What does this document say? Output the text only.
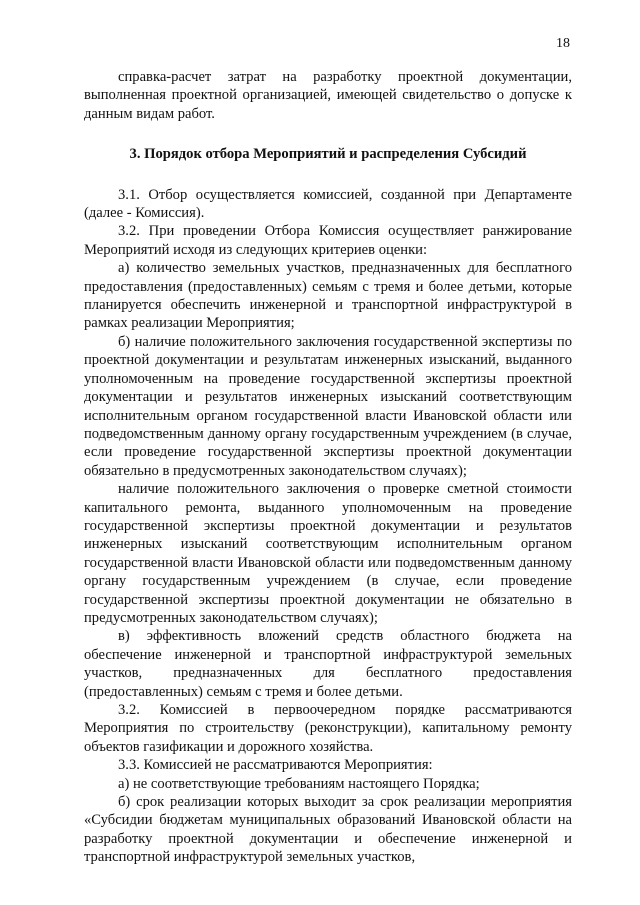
18

справка-расчет затрат на разработку проектной документации, выполненная проектной организацией, имеющей свидетельство о допуске к данным видам работ.

3. Порядок отбора Мероприятий и распределения Субсидий

3.1. Отбор осуществляется комиссией, созданной при Департаменте (далее - Комиссия).

3.2. При проведении Отбора Комиссия осуществляет ранжирование Мероприятий исходя из следующих критериев оценки:

а) количество земельных участков, предназначенных для бесплатного предоставления (предоставленных) семьям с тремя и более детьми, которые планируется обеспечить инженерной и транспортной инфраструктурой в рамках реализации Мероприятия;

б) наличие положительного заключения государственной экспертизы по проектной документации и результатам инженерных изысканий, выданного уполномоченным на проведение государственной экспертизы проектной документации и результатов инженерных изысканий соответствующим исполнительным органом государственной власти Ивановской области или подведомственным данному органу государственным учреждением (в случае, если проведение государственной экспертизы проектной документации обязательно в предусмотренных законодательством случаях);

наличие положительного заключения о проверке сметной стоимости капитального ремонта, выданного уполномоченным на проведение государственной экспертизы проектной документации и результатов инженерных изысканий соответствующим исполнительным органом государственной власти Ивановской области или подведомственным данному органу государственным учреждением (в случае, если проведение государственной экспертизы проектной документации не обязательно в предусмотренных законодательством случаях);

в) эффективность вложений средств областного бюджета на обеспечение инженерной и транспортной инфраструктурой земельных участков, предназначенных для бесплатного предоставления (предоставленных) семьям с тремя и более детьми.

3.2. Комиссией в первоочередном порядке рассматриваются Мероприятия по строительству (реконструкции), капитальному ремонту объектов газификации и дорожного хозяйства.

3.3. Комиссией не рассматриваются Мероприятия:

а) не соответствующие требованиям настоящего Порядка;

б) срок реализации которых выходит за срок реализации мероприятия «Субсидии бюджетам муниципальных образований Ивановской области на разработку проектной документации и обеспечение инженерной и транспортной инфраструктурой земельных участков,
